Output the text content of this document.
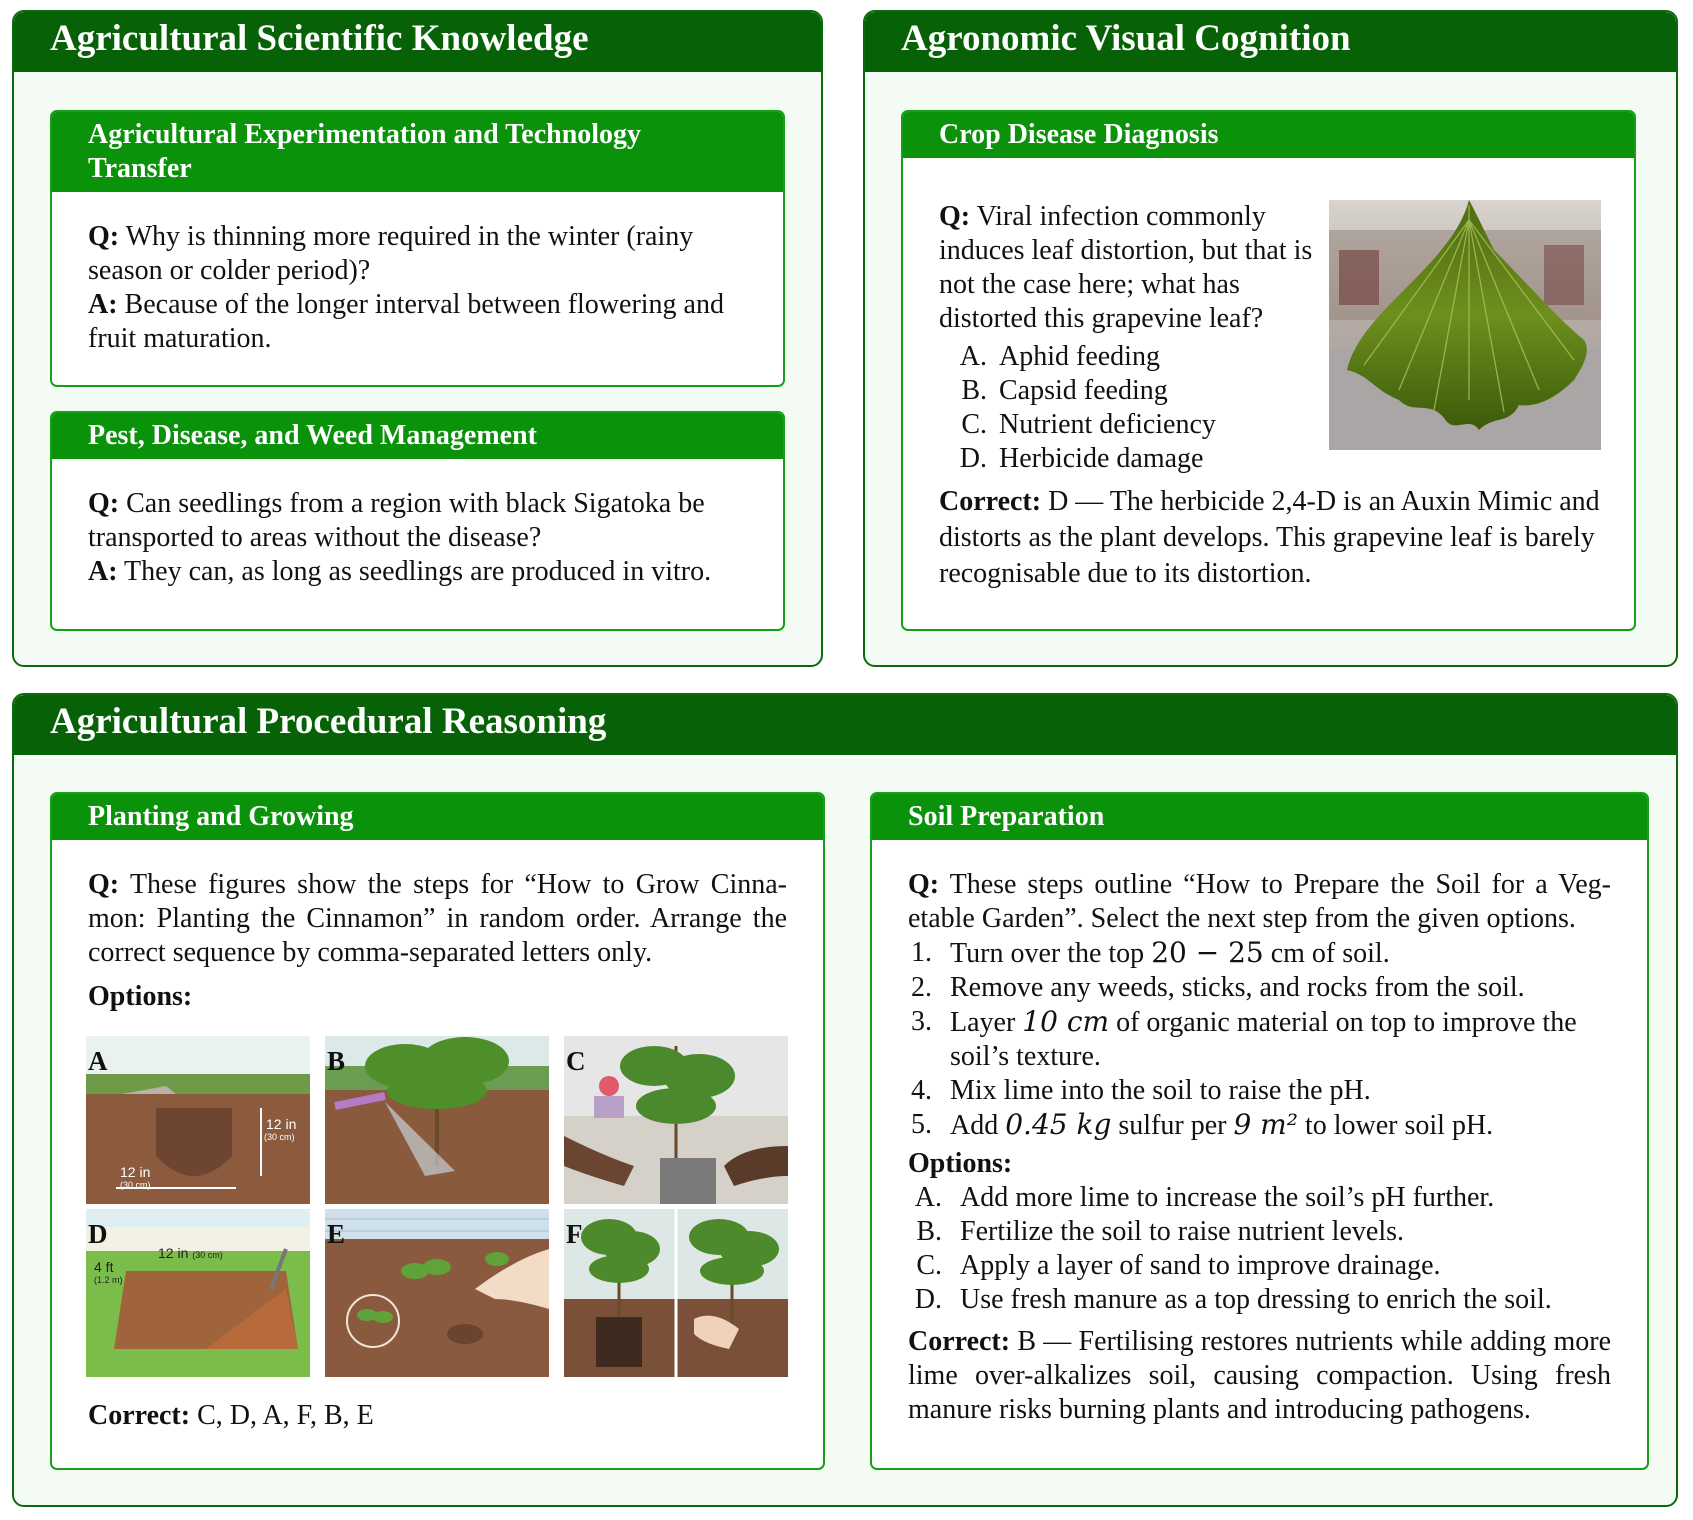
Agricultural Scientific Knowledge
Agricultural Experimentation and Technology Transfer

Q: Why is thinning more required in the winter (rainy season or colder period)?

A: Because of the longer interval between flowering and fruit maturation.

Pest, Disease, and Weed Management

Q: Can seedlings from a region with black Sigatoka be transported to areas without the disease?

A: They can, as long as seedlings are produced in vitro.

Agronomic Visual Cognition
Crop Disease Diagnosis

Q: Viral infection commonly induces leaf distortion, but that is not the case here; what has distorted this grapevine leaf?

A. Aphid feeding
B. Capsid feeding
C. Nutrient deficiency
D. Herbicide damage

Correct: D — The herbicide 2,4-D is an Auxin Mimic and distorts as the plant develops. This grapevine leaf is barely recognisable due to its distortion.

Agricultural Procedural Reasoning
Planting and Growing

Q: These figures show the steps for “How to Grow Cinna- mon: Planting the Cinnamon” in random order. Arrange the correct sequence by comma-separated letters only.

Options:

A
12 in
(30 cm)
12 in
(30 cm)
B	C
D
12 in (30 cm)
4 ft
(1.2 m)
E	F

Correct: C, D, A, F, B, E

Soil Preparation

Q: These steps outline “How to Prepare the Soil for a Veg- etable Garden”. Select the next step from the given options.

1. Turn over the top 20 − 25 cm of soil.
2. Remove any weeds, sticks, and rocks from the soil.
3. Layer 10 cm of organic material on top to improve the soil’s texture.
4. Mix lime into the soil to raise the pH.
5. Add 0.45 kg sulfur per 9 m² to lower soil pH.

Options:

A. Add more lime to increase the soil’s pH further.
B. Fertilize the soil to raise nutrient levels.
C. Apply a layer of sand to improve drainage.
D. Use fresh manure as a top dressing to enrich the soil.

Correct: B — Fertilising restores nutrients while adding more lime over-alkalizes soil, causing compaction. Using fresh manure risks burning plants and introducing pathogens.
